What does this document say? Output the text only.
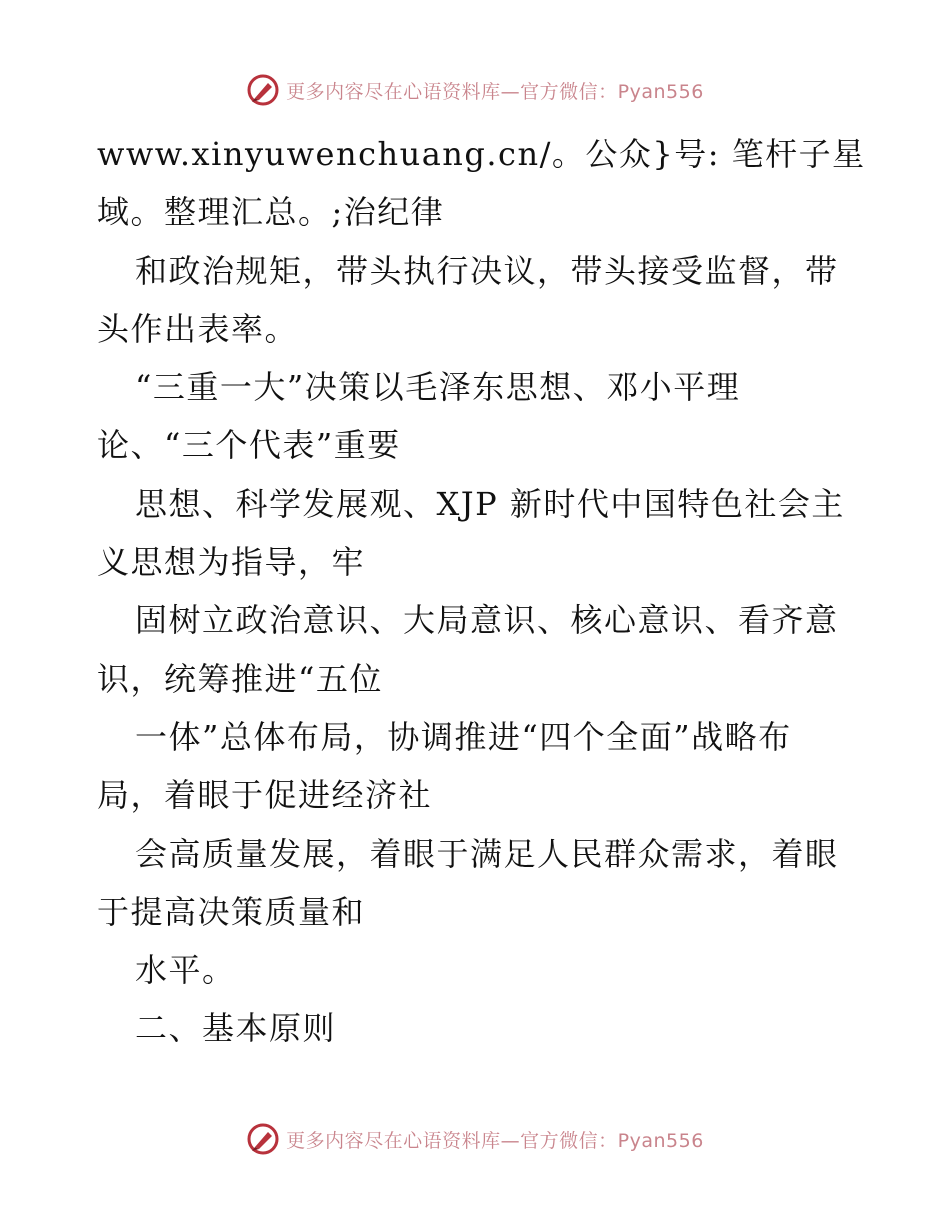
更多内容尽在心语资料库—官方微信：Pyan556
www.xinyuwenchuang.cn/。公众}号: 笔杆子星
域。整理汇总。;治纪律
和政治规矩，带头执行决议，带头接受监督，带
头作出表率。
“三重一大”决策以毛泽东思想、邓小平理
论、“三个代表”重要
思想、科学发展观、XJP 新时代中国特色社会主
义思想为指导，牢
固树立政治意识、大局意识、核心意识、看齐意
识，统筹推进“五位
一体”总体布局，协调推进“四个全面”战略布
局，着眼于促进经济社
会高质量发展，着眼于满足人民群众需求，着眼
于提高决策质量和
水平。
二、基本原则
更多内容尽在心语资料库—官方微信：Pyan556
